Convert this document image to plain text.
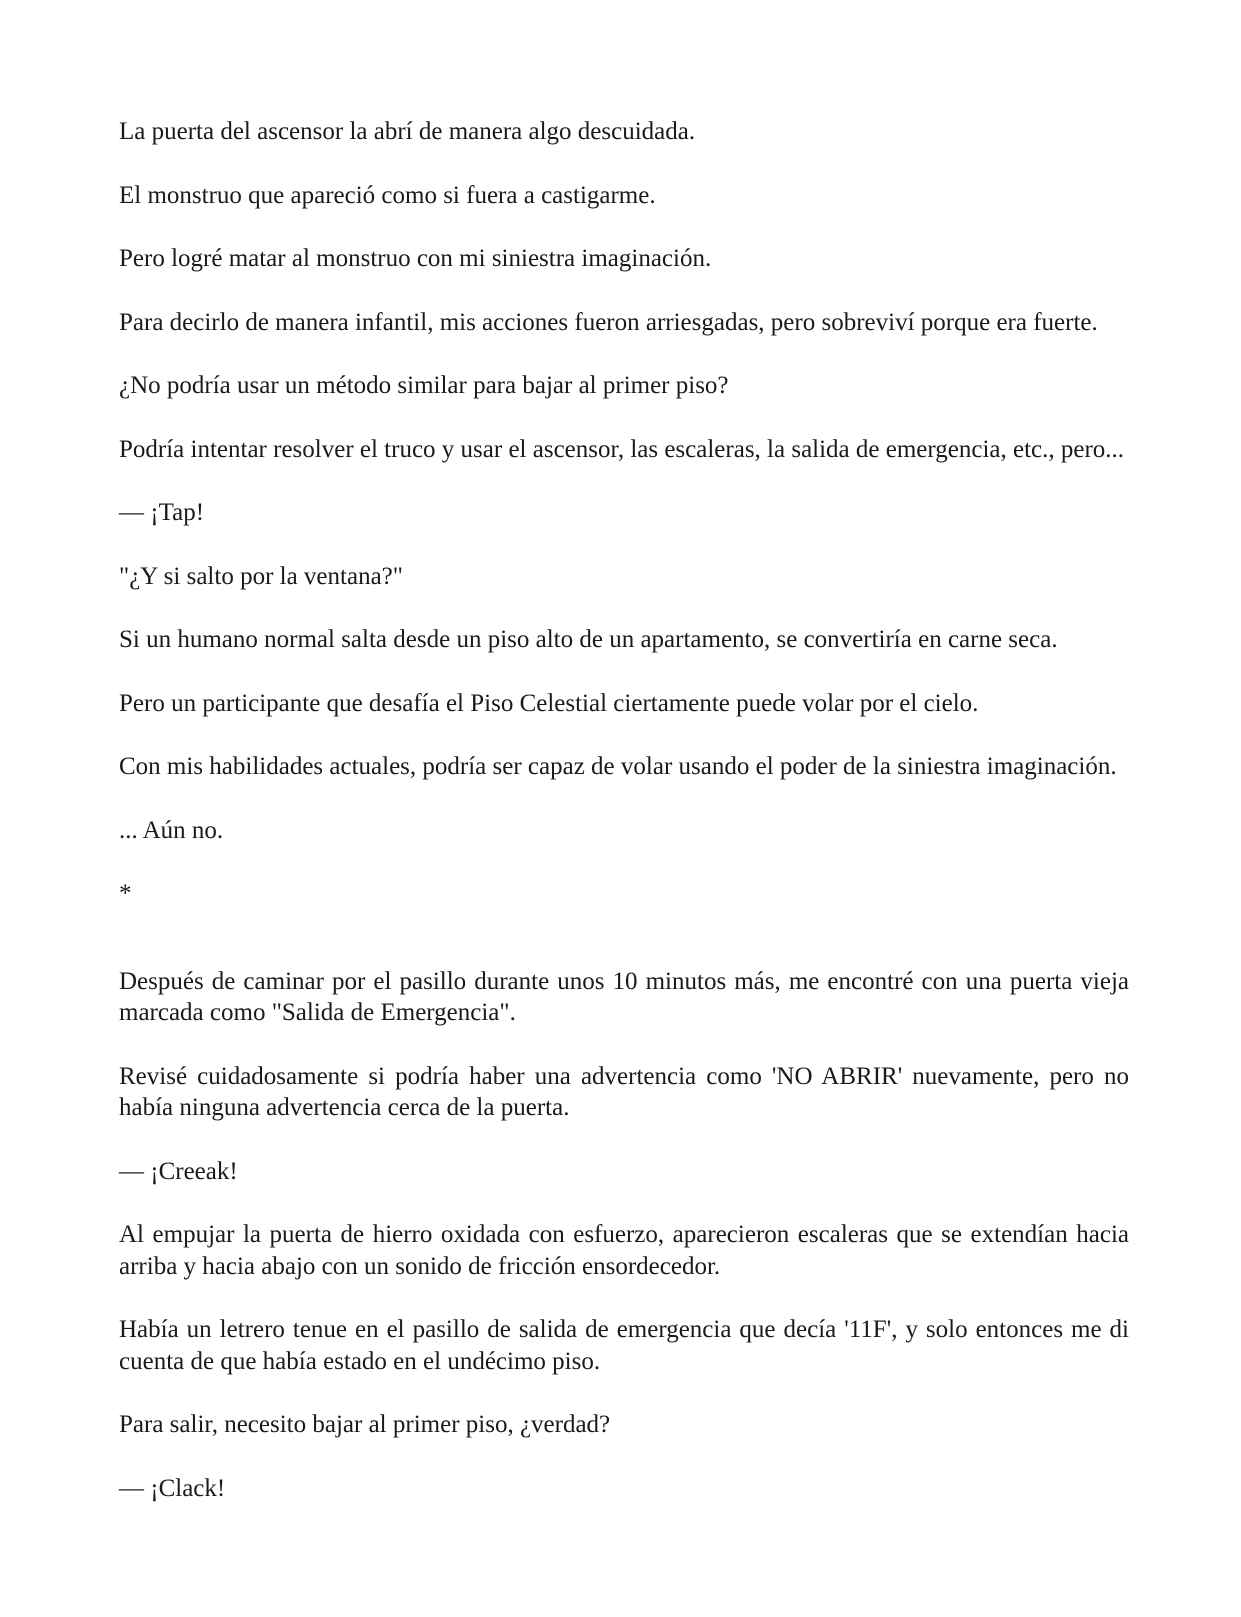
La puerta del ascensor la abrí de manera algo descuidada.

El monstruo que apareció como si fuera a castigarme.

Pero logré matar al monstruo con mi siniestra imaginación.

Para decirlo de manera infantil, mis acciones fueron arriesgadas, pero sobreviví porque era fuerte.

¿No podría usar un método similar para bajar al primer piso?

Podría intentar resolver el truco y usar el ascensor, las escaleras, la salida de emergencia, etc., pero...

— ¡Tap!

"¿Y si salto por la ventana?"

Si un humano normal salta desde un piso alto de un apartamento, se convertiría en carne seca.

Pero un participante que desafía el Piso Celestial ciertamente puede volar por el cielo.

Con mis habilidades actuales, podría ser capaz de volar usando el poder de la siniestra imaginación.

... Aún no.

*

Después de caminar por el pasillo durante unos 10 minutos más, me encontré con una puerta vieja marcada como "Salida de Emergencia".

Revisé cuidadosamente si podría haber una advertencia como 'NO ABRIR' nuevamente, pero no había ninguna advertencia cerca de la puerta.

— ¡Creeak!

Al empujar la puerta de hierro oxidada con esfuerzo, aparecieron escaleras que se extendían hacia arriba y hacia abajo con un sonido de fricción ensordecedor.

Había un letrero tenue en el pasillo de salida de emergencia que decía '11F', y solo entonces me di cuenta de que había estado en el undécimo piso.

Para salir, necesito bajar al primer piso, ¿verdad?

— ¡Clack!
